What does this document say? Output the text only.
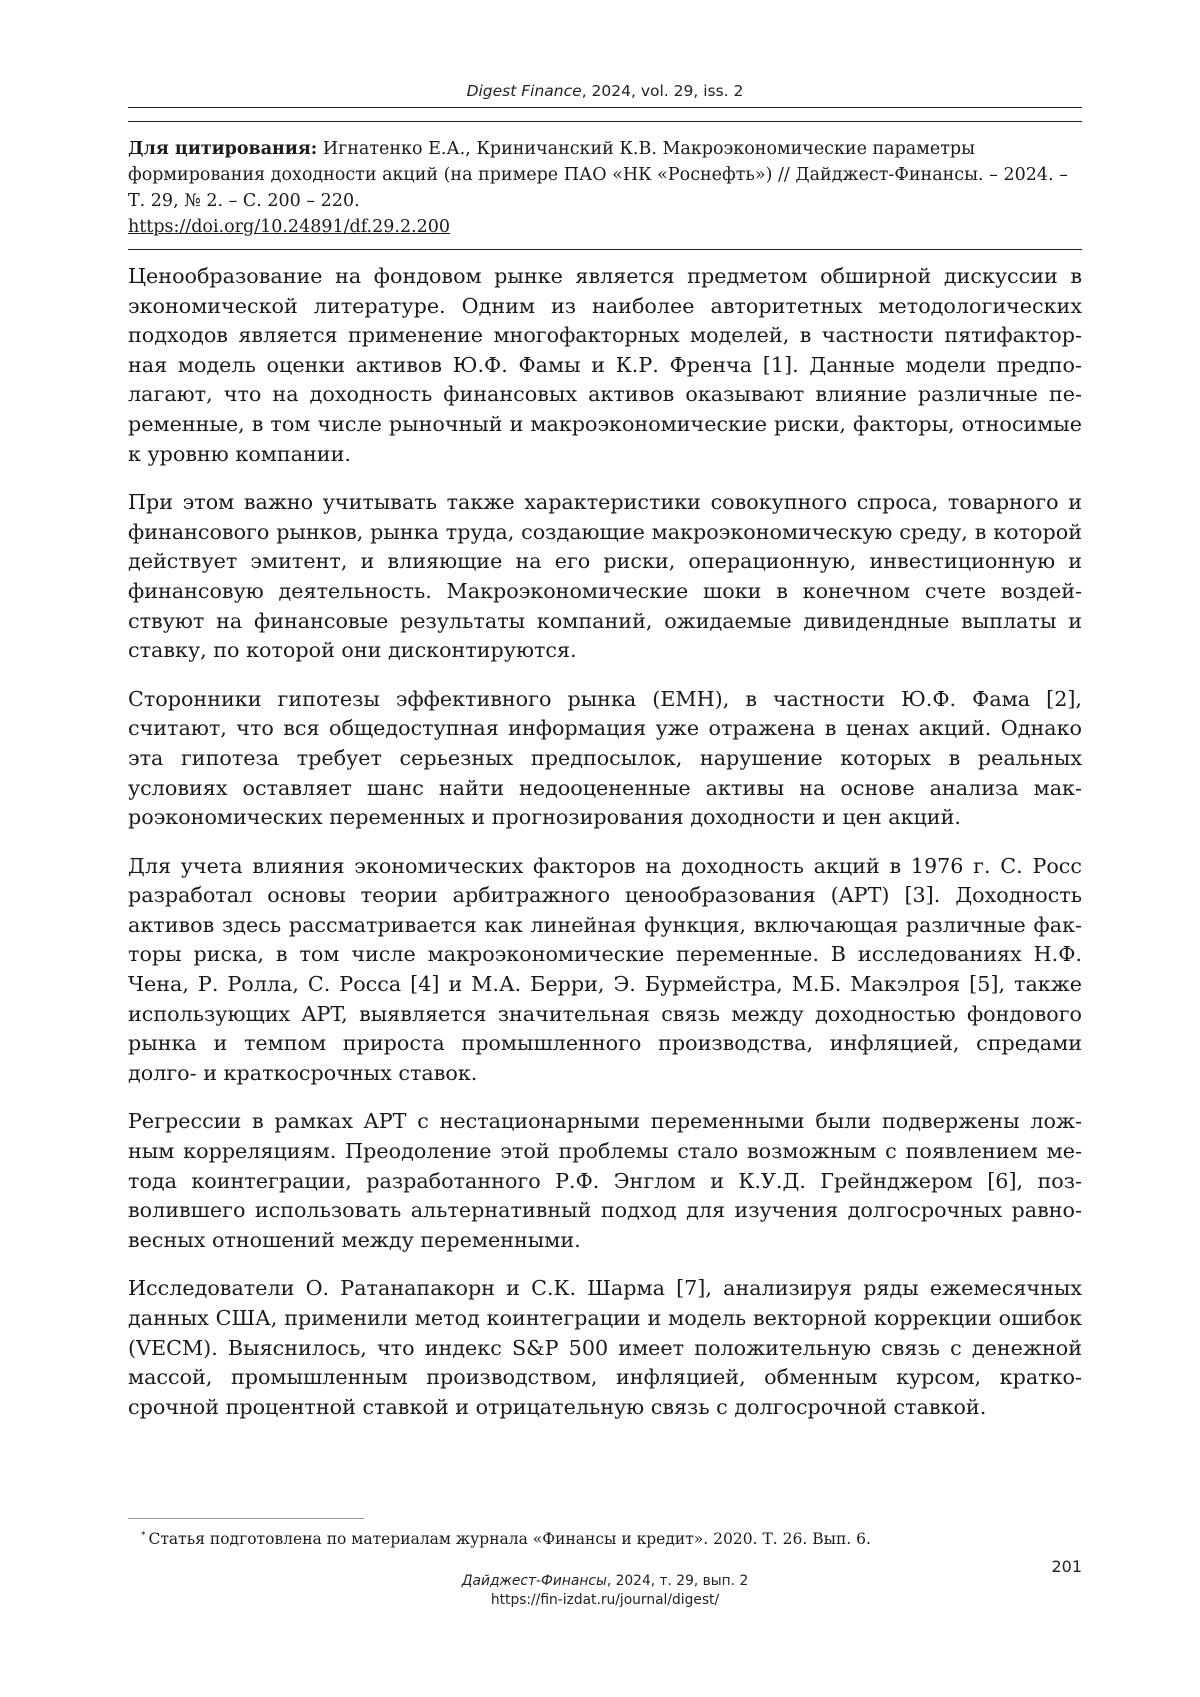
Digest Finance, 2024, vol. 29, iss. 2
Для цитирования: Игнатенко Е.А., Криничанский К.В. Макроэкономические параметры формирования доходности акций (на примере ПАО «НК «Роснефть») // Дайджест-Финансы. – 2024. – Т. 29, № 2. – С. 200 – 220.
https://doi.org/10.24891/df.29.2.200

Ценообразование на фондовом рынке является предметом обширной дискуссии в экономической литературе. Одним из наиболее авторитетных методологических подходов является применение многофакторных моделей, в частности пятифакторная модель оценки активов Ю.Ф. Фамы и К.Р. Френча [1]. Данные модели предполагают, что на доходность финансовых активов оказывают влияние различные переменные, в том числе рыночный и макроэкономические риски, факторы, относимые к уровню компании.

При этом важно учитывать также характеристики совокупного спроса, товарного и финансового рынков, рынка труда, создающие макроэкономическую среду, в которой действует эмитент, и влияющие на его риски, операционную, инвестиционную и финансовую деятельность. Макроэкономические шоки в конечном счете воздействуют на финансовые результаты компаний, ожидаемые дивидендные выплаты и ставку, по которой они дисконтируются.

Сторонники гипотезы эффективного рынка (EMH), в частности Ю.Ф. Фама [2], считают, что вся общедоступная информация уже отражена в ценах акций. Однако эта гипотеза требует серьезных предпосылок, нарушение которых в реальных условиях оставляет шанс найти недооцененные активы на основе анализа макроэкономических переменных и прогнозирования доходности и цен акций.

Для учета влияния экономических факторов на доходность акций в 1976 г. С. Росс разработал основы теории арбитражного ценообразования (APT) [3]. Доходность активов здесь рассматривается как линейная функция, включающая различные факторы риска, в том числе макроэкономические переменные. В исследованиях Н.Ф. Чена, Р. Ролла, С. Росса [4] и М.А. Берри, Э. Бурмейстра, М.Б. Макэлроя [5], также использующих APT, выявляется значительная связь между доходностью фондового рынка и темпом прироста промышленного производства, инфляцией, спредами долго- и краткосрочных ставок.

Регрессии в рамках APT с нестационарными переменными были подвержены ложным корреляциям. Преодоление этой проблемы стало возможным с появлением метода коинтеграции, разработанного Р.Ф. Энглом и К.У.Д. Грейнджером [6], позволившего использовать альтернативный подход для изучения долгосрочных равновесных отношений между переменными.

Исследователи О. Ратанапакорн и С.К. Шарма [7], анализируя ряды ежемесячных данных США, применили метод коинтеграции и модель векторной коррекции ошибок (VECM). Выяснилось, что индекс S&P 500 имеет положительную связь с денежной массой, промышленным производством, инфляцией, обменным курсом, краткосрочной процентной ставкой и отрицательную связь с долгосрочной ставкой.

* Статья подготовлена по материалам журнала «Финансы и кредит». 2020. Т. 26. Вып. 6.
Дайджест-Финансы, 2024, т. 29, вып. 2
https://fin-izdat.ru/journal/digest/
201
